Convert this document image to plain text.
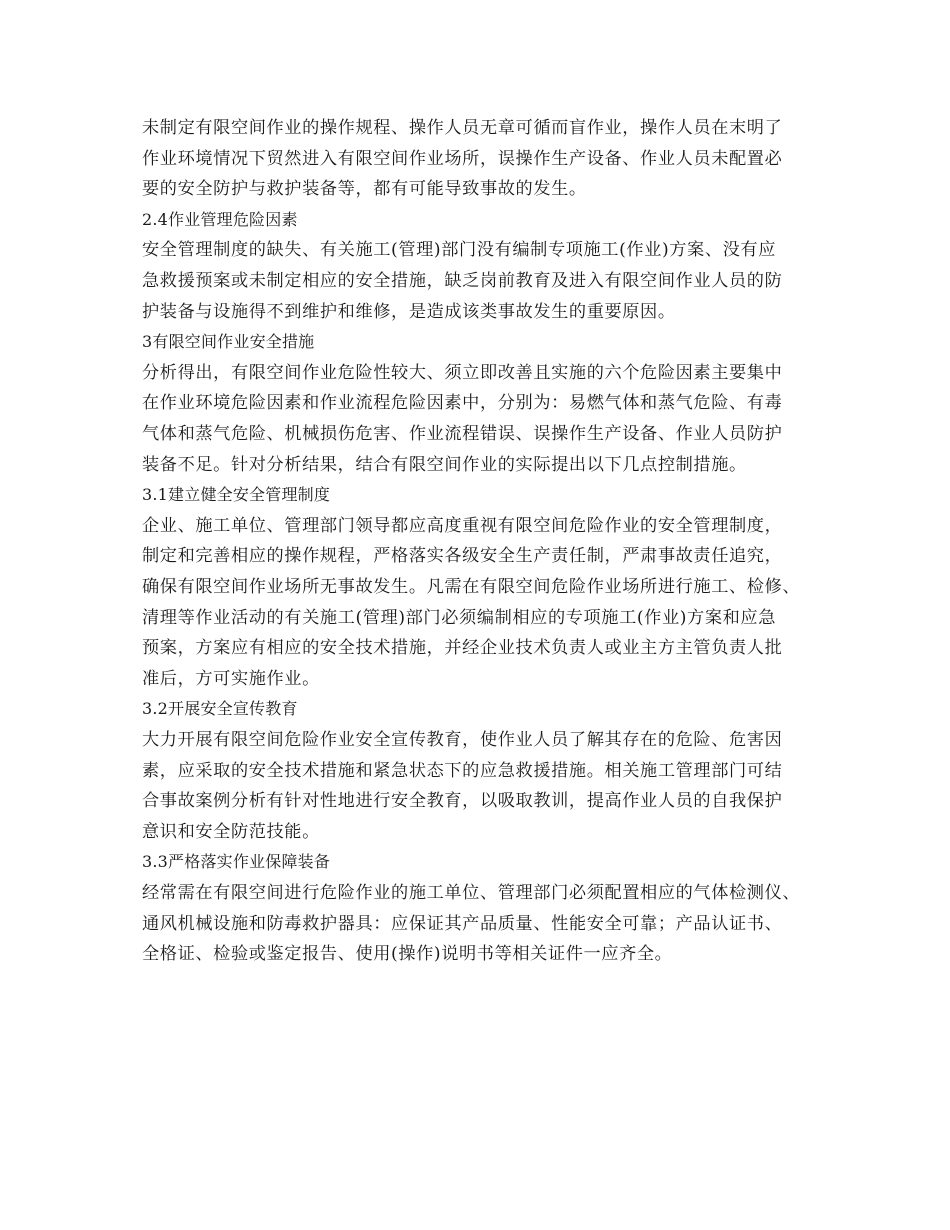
未制定有限空间作业的操作规程、操作人员无章可循而盲作业，操作人员在末明了
作业环境情况下贸然进入有限空间作业场所，误操作生产设备、作业人员未配置必
要的安全防护与救护装备等，都有可能导致事故的发生。
2.4作业管理危险因素
安全管理制度的缺失、有关施工(管理)部门没有编制专项施工(作业)方案、没有应
急救援预案或未制定相应的安全措施，缺乏岗前教育及进入有限空间作业人员的防
护装备与设施得不到维护和维修，是造成该类事故发生的重要原因。
3有限空间作业安全措施
分析得出，有限空间作业危险性较大、须立即改善且实施的六个危险因素主要集中
在作业环境危险因素和作业流程危险因素中，分别为：易燃气体和蒸气危险、有毒
气体和蒸气危险、机械损伤危害、作业流程错误、误操作生产设备、作业人员防护
装备不足。针对分析结果，结合有限空间作业的实际提出以下几点控制措施。
3.1建立健全安全管理制度
企业、施工单位、管理部门领导都应高度重视有限空间危险作业的安全管理制度，
制定和完善相应的操作规程，严格落实各级安全生产责任制，严肃事故责任追究，
确保有限空间作业场所无事故发生。凡需在有限空间危险作业场所进行施工、检修、
清理等作业活动的有关施工(管理)部门必须编制相应的专项施工(作业)方案和应急
预案，方案应有相应的安全技术措施，并经企业技术负责人或业主方主管负责人批
准后，方可实施作业。
3.2开展安全宣传教育
大力开展有限空间危险作业安全宣传教育，使作业人员了解其存在的危险、危害因
素，应采取的安全技术措施和紧急状态下的应急救援措施。相关施工管理部门可结
合事故案例分析有针对性地进行安全教育，以吸取教训，提高作业人员的自我保护
意识和安全防范技能。
3.3严格落实作业保障装备
经常需在有限空间进行危险作业的施工单位、管理部门必须配置相应的气体检测仪、
通风机械设施和防毒救护器具：应保证其产品质量、性能安全可靠；产品认证书、
全格证、检验或鉴定报告、使用(操作)说明书等相关证件一应齐全。
